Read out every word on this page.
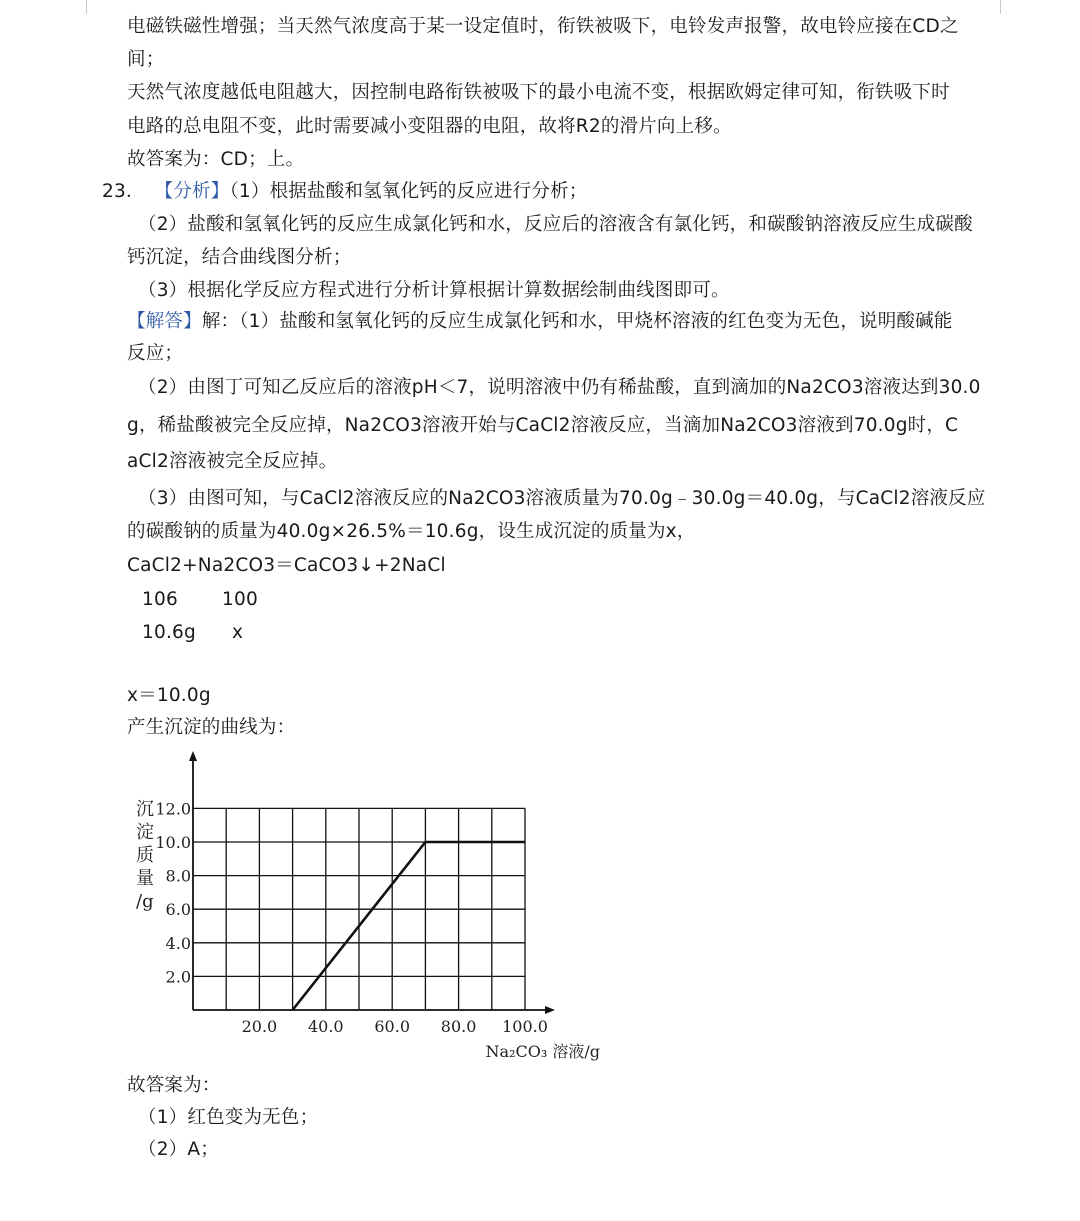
电磁铁磁性增强；当天然气浓度高于某一设定值时，衔铁被吸下，电铃发声报警，故电铃应接在CD之

间；

天然气浓度越低电阻越大，因控制电路衔铁被吸下的最小电流不变，根据欧姆定律可知，衔铁吸下时

电路的总电阻不变，此时需要减小变阻器的电阻，故将R2的滑片向上移。

故答案为：CD；上。

23． 【分析】（1）根据盐酸和氢氧化钙的反应进行分析；

（2）盐酸和氢氧化钙的反应生成氯化钙和水，反应后的溶液含有氯化钙，和碳酸钠溶液反应生成碳酸

钙沉淀，结合曲线图分析；

（3）根据化学反应方程式进行分析计算根据计算数据绘制曲线图即可。

【解答】解：（1）盐酸和氢氧化钙的反应生成氯化钙和水，甲烧杯溶液的红色变为无色，说明酸碱能

反应；

（2）由图丁可知乙反应后的溶液pH＜7，说明溶液中仍有稀盐酸，直到滴加的Na2CO3溶液达到30.0

g，稀盐酸被完全反应掉，Na2CO3溶液开始与CaCl2溶液反应，当滴加Na2CO3溶液到70.0g时，C

aCl2溶液被完全反应掉。

（3）由图可知，与CaCl2溶液反应的Na2CO3溶液质量为70.0g﹣30.0g＝40.0g，与CaCl2溶液反应

的碳酸钠的质量为40.0g×26.5%＝10.6g，设生成沉淀的质量为x，

CaCl2+Na2CO3＝CaCO3↓+2NaCl

106 100

10.6g x

x＝10.0g

产生沉淀的曲线为：

沉
淀
质
量
/g
2.0
4.0
6.0
8.0
10.0
12.0
20.0 40.0 60.0 80.0 100.0
Na₂CO₃ 溶液/g

故答案为：

（1）红色变为无色；

（2）A；
